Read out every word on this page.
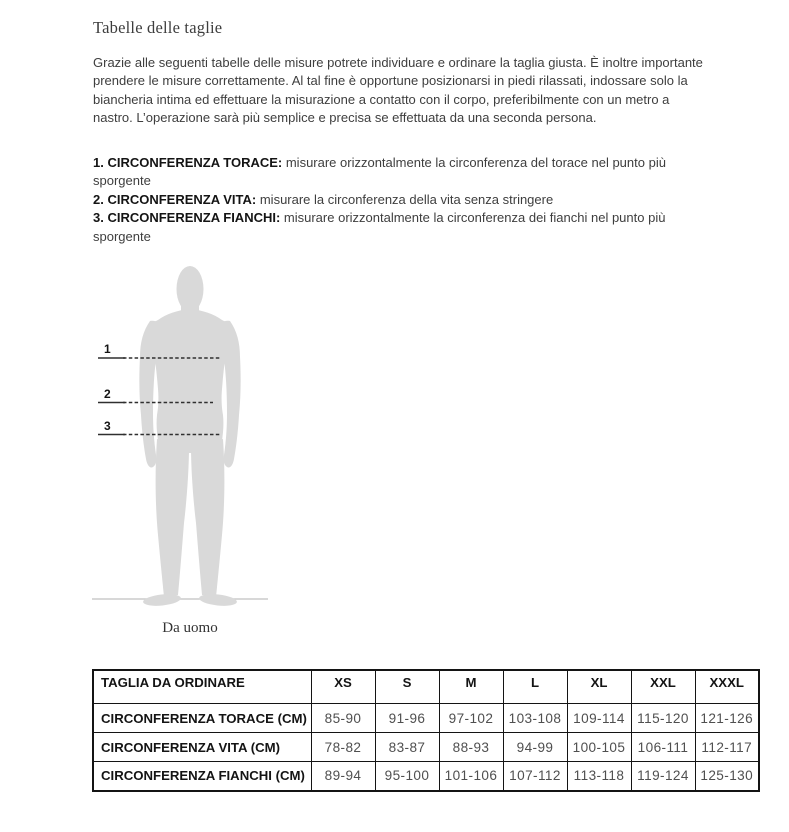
Tabelle delle taglie
Grazie alle seguenti tabelle delle misure potrete individuare e ordinare la taglia giusta. È inoltre importante prendere le misure correttamente. Al tal fine è opportune posizionarsi in piedi rilassati, indossare solo la biancheria intima ed effettuare la misurazione a contatto con il corpo, preferibilmente con un metro a nastro. L’operazione sarà più semplice e precisa se effettuata da una seconda persona.
1. CIRCONFERENZA TORACE: misurare orizzontalmente la circonferenza del torace nel punto più sporgente
2. CIRCONFERENZA VITA: misurare la circonferenza della vita senza stringere
3. CIRCONFERENZA FIANCHI: misurare orizzontalmente la circonferenza dei fianchi nel punto più sporgente
1
2
3
Da uomo
TAGLIA DA ORDINARE	XS	S	M	L	XL	XXL	XXXL
CIRCONFERENZA TORACE (CM)	85-90	91-96	97-102	103-108	109-114	115-120	121-126
CIRCONFERENZA VITA (CM)	78-82	83-87	88-93	94-99	100-105	106-111	112-117
CIRCONFERENZA FIANCHI (CM)	89-94	95-100	101-106	107-112	113-118	119-124	125-130
